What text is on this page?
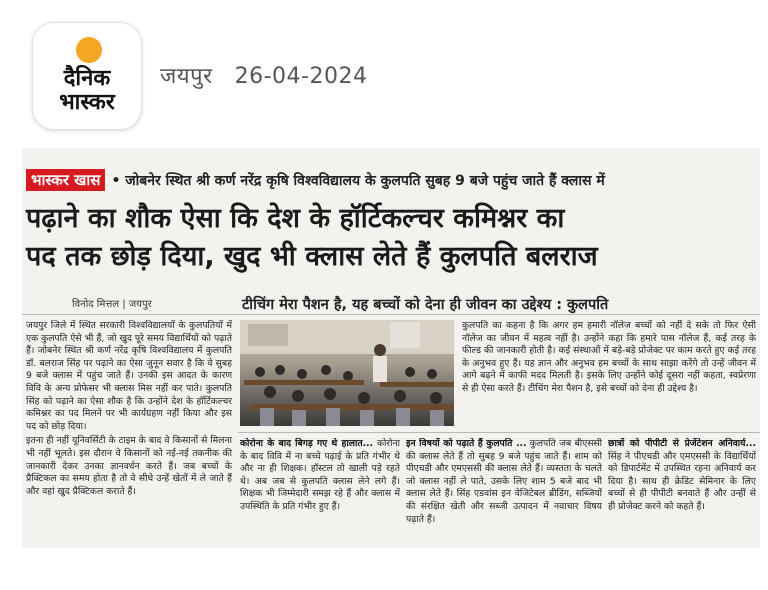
दैनिक
भास्कर
जयपुर 26-04-2024
भास्कर खास • जोबनेर स्थित श्री कर्ण नरेंद्र कृषि विश्वविद्यालय के कुलपति सुबह 9 बजे पहुंच जाते हैं क्लास में
पढ़ाने का शौक ऐसा कि देश के हॉर्टिकल्चर कमिश्नर का
पद तक छोड़ दिया, खुद भी क्लास लेते हैं कुलपति बलराज
विनोद मित्तल | जयपुर	टीचिंग मेरा पैशन है, यह बच्चों को देना ही जीवन का उद्देश्य : कुलपति

जयपुर जिले में स्थित सरकारी विश्वविद्यालयों के कुलपतियों में एक कुलपति ऐसे भी हैं, जो खुद पूरे समय विद्यार्थियों को पढ़ाते हैं। जोबनेर स्थित श्री कर्ण नरेंद्र कृषि विश्वविद्यालय में कुलपति डॉ. बलराज सिंह पर पढ़ाने का ऐसा जुनून सवार है कि वे सुबह 9 बजे क्लास में पहुंच जाते हैं। उनकी इस आदत के कारण विवि के अन्य प्रोफेसर भी क्लास मिस नहीं कर पाते। कुलपति सिंह को पढ़ाने का ऐसा शौक है कि उन्होंने देश के हॉर्टिकल्चर कमिश्नर का पद मिलने पर भी कार्यग्रहण नहीं किया और इस पद को छोड़ दिया।

इतना ही नहीं यूनिवर्सिटी के टाइम के बाद वे किसानों से मिलना भी नहीं भूलते। इस दौरान वे किसानों को नई-नई तकनीक की जानकारी देकर उनका ज्ञानवर्धन करते हैं। जब बच्चों के प्रैक्टिकल का समय होता है तो वे सीधे उन्हें खेतों में ले जाते हैं और वहां खुद प्रैक्टिकल कराते हैं।

कुलपति का कहना है कि अगर हम हमारी नॉलेज बच्चों को नहीं दे सके तो फिर ऐसी नॉलेज का जीवन में महत्व नहीं है। उन्होंने कहा कि हमारे पास नॉलेज हैं, कई तरह के फील्ड की जानकारी होती है। कई संस्थाओं में बड़े-बड़े प्रोजेक्ट पर काम करते हुए कई तरह के अनुभव हुए हैं। यह ज्ञान और अनुभव हम बच्चों के साथ साझा करेंगे तो उन्हें जीवन में आगे बढ़ने में काफी मदद मिलती है। इसके लिए उन्होंने कोई दूसरा नहीं कहता, स्वप्रेरणा से ही ऐसा करते हैं। टीचिंग मेरा पैशन है, इसे बच्चों को देना ही उद्देश्य है।

कोरोना के बाद बिगड़ गए थे हालात... कोरोना के बाद विवि में ना बच्चे पढ़ाई के प्रति गंभीर थे और ना ही शिक्षक। हॉस्टल तो खाली पड़े रहते थे। अब जब से कुलपति क्लास लेने लगे हैं। शिक्षक भी जिम्मेदारी समझ रहे हैं और क्लास में उपस्थिति के प्रति गंभीर हुए हैं।
इन विषयों को पढ़ाते हैं कुलपति ... कुलपति जब बीएससी की क्लास लेते हैं तो सुबह 9 बजे पहुंच जाते हैं। शाम को पीएचडी और एमएससी की क्लास लेते हैं। व्यस्तता के चलते जो क्लास नहीं ले पाते, उसके लिए शाम 5 बजे बाद भी क्लास लेते हैं। सिंह एडवांस इन वेजिटेबल ब्रीडिंग, सब्जियों की संरक्षित खेती और सब्जी उत्पादन में नवाचार विषय पढ़ाते हैं।
छात्रों को पीपीटी से प्रेजेंटेशन अनिवार्य... सिंह ने पीएचडी और एमएससी के विद्यार्थियों को डिपार्टमेंट में उपस्थित रहना अनिवार्य कर दिया है। साथ ही क्रेडिट सेमिनार के लिए बच्चों से ही पीपीटी बनवाते हैं और उन्हीं से ही प्रोजेक्ट करने को कहते हैं।
